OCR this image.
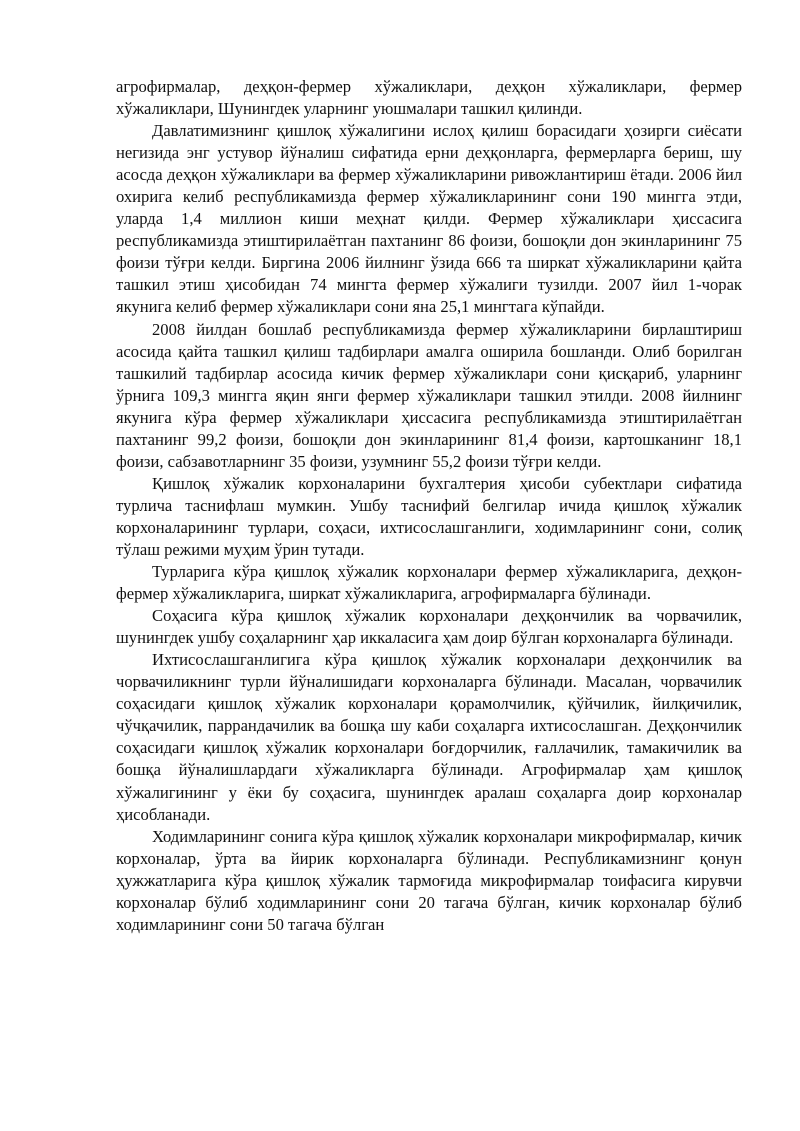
агрофирмалар, деҳқон-фермер хўжаликлари, деҳқон хўжаликлари, фермер хўжаликлари, Шунингдек уларнинг уюшмалари ташкил қилинди.

Давлатимизнинг қишлоқ хўжалигини ислоҳ қилиш борасидаги ҳозирги сиёсати негизида энг устувор йўналиш сифатида ерни деҳқонларга, фермерларга бериш, шу асосда деҳқон хўжаликлари ва фермер хўжаликларини ривожлантириш ётади. 2006 йил охирига келиб республикамизда фермер хўжаликларининг сони 190 мингга этди, уларда 1,4 миллион киши меҳнат қилди. Фермер хўжаликлари ҳиссасига республикамизда этиштирилаётган пахтанинг 86 фоизи, бошоқли дон экинларининг 75 фоизи тўғри келди. Биргина 2006 йилнинг ўзида 666 та ширкат хўжаликларини қайта ташкил этиш ҳисобидан 74 мингта фермер хўжалиги тузилди. 2007 йил 1-чорак якунига келиб фермер хўжаликлари сони яна 25,1 мингтага кўпайди.

2008 йилдан бошлаб республикамизда фермер хўжаликларини бирлаштириш асосида қайта ташкил қилиш тадбирлари амалга оширила бошланди. Олиб борилган ташкилий тадбирлар асосида кичик фермер хўжаликлари сони қисқариб, уларнинг ўрнига 109,3 мингга яқин янги фермер хўжаликлари ташкил этилди. 2008 йилнинг якунига кўра фермер хўжаликлари ҳиссасига республикамизда этиштирилаётган пахтанинг 99,2 фоизи, бошоқли дон экинларининг 81,4 фоизи, картошканинг 18,1 фоизи, сабзавотларнинг 35 фоизи, узумнинг 55,2 фоизи тўғри келди.

Қишлоқ хўжалик корхоналарини бухгалтерия ҳисоби субектлари сифатида турлича таснифлаш мумкин. Ушбу таснифий белгилар ичида қишлоқ хўжалик корхоналарининг турлари, соҳаси, ихтисослашганлиги, ходимларининг сони, солиқ тўлаш режими муҳим ўрин тутади.

Турларига кўра қишлоқ хўжалик корхоналари фермер хўжаликларига, деҳқон-фермер хўжаликларига, ширкат хўжаликларига, агрофирмаларга бўлинади.

Соҳасига кўра қишлоқ хўжалик корхоналари деҳқончилик ва чорвачилик, шунингдек ушбу соҳаларнинг ҳар иккаласига ҳам доир бўлган корхоналарга бўлинади.

Ихтисослашганлигига кўра қишлоқ хўжалик корхоналари деҳқончилик ва чорвачиликнинг турли йўналишидаги корхоналарга бўлинади. Масалан, чорвачилик соҳасидаги қишлоқ хўжалик корхоналари қорамолчилик, қўйчилик, йилқичилик, чўчқачилик, паррандачилик ва бошқа шу каби соҳаларга ихтисослашган. Деҳқончилик соҳасидаги қишлоқ хўжалик корхоналари боғдорчилик, ғаллачилик, тамакичилик ва бошқа йўналишлардаги хўжаликларга бўлинади. Агрофирмалар ҳам қишлоқ хўжалигининг у ёки бу соҳасига, шунингдек аралаш соҳаларга доир корхоналар ҳисобланади.

Ходимларининг сонига кўра қишлоқ хўжалик корхоналари микрофирмалар, кичик корхоналар, ўрта ва йирик корхоналарга бўлинади. Республикамизнинг қонун ҳужжатларига кўра қишлоқ хўжалик тармоғида микрофирмалар тоифасига кирувчи корхоналар бўлиб ходимларининг сони 20 тагача бўлган, кичик корхоналар бўлиб ходимларининг сони 50 тагача бўлган
